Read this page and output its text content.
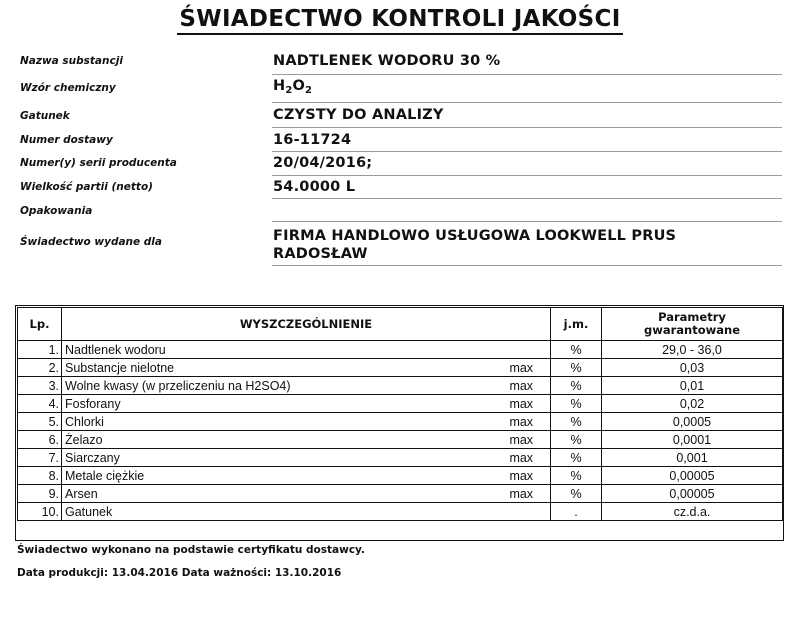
ŚWIADECTWO KONTROLI JAKOŚCI
Nazwa substancji	NADTLENEK WODORU 30 %
Wzór chemiczny	$H_2O_2$
Gatunek	CZYSTY DO ANALIZY
Numer dostawy	16-11724
Numer(y) serii producenta	20/04/2016;
Wielkość partii (netto)	54.0000 L
Opakowania
Świadectwo wydane dla	FIRMA HANDLOWO USŁUGOWA LOOKWELL PRUS
RADOSŁAW
Lp.	WYSZCZEGÓLNIENIE		j.m.	Parametry
gwarantowane

1.	Nadtlenek wodoru		%	29,0 - 36,0
2.	Substancje nielotne	max	%	0,03
3.	Wolne kwasy (w przeliczeniu na H2SO4)	max	%	0,01
4.	Fosforany	max	%	0,02
5.	Chlorki	max	%	0,0005
6.	Żelazo	max	%	0,0001
7.	Siarczany	max	%	0,001
8.	Metale ciężkie	max	%	0,00005
9.	Arsen	max	%	0,00005
10.	Gatunek		.	cz.d.a.
Świadectwo wykonano na podstawie certyfikatu dostawcy.
Data produkcji: 13.04.2016 Data ważności: 13.10.2016
